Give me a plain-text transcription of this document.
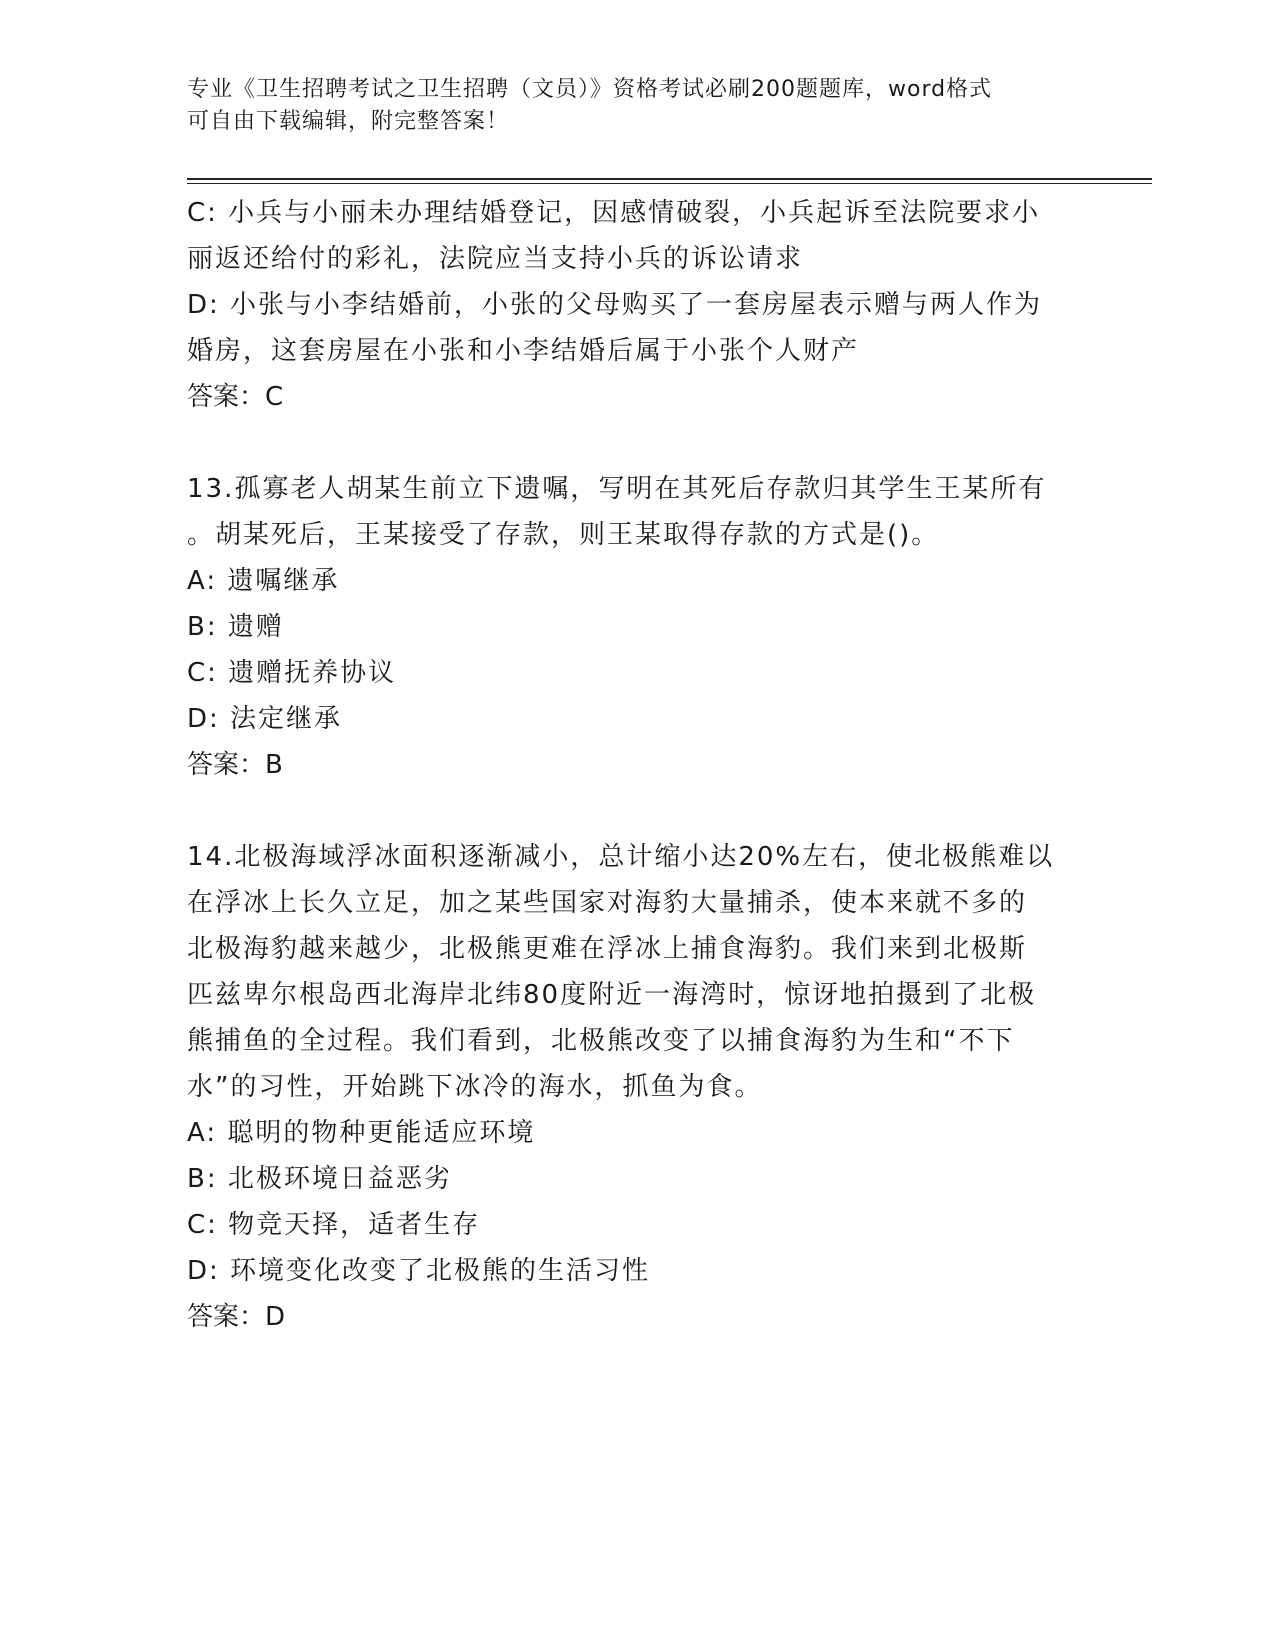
专业《卫生招聘考试之卫生招聘（文员）》资格考试必刷200题题库，word格式
可自由下载编辑，附完整答案！
C: 小兵与小丽未办理结婚登记，因感情破裂，小兵起诉至法院要求小
丽返还给付的彩礼，法院应当支持小兵的诉讼请求
D: 小张与小李结婚前，小张的父母购买了一套房屋表示赠与两人作为
婚房，这套房屋在小张和小李结婚后属于小张个人财产
答案：C
13.孤寡老人胡某生前立下遗嘱，写明在其死后存款归其学生王某所有
。胡某死后，王某接受了存款，则王某取得存款的方式是()。
A: 遗嘱继承
B: 遗赠
C: 遗赠抚养协议
D: 法定继承
答案：B
14.北极海域浮冰面积逐渐减小，总计缩小达20%左右，使北极熊难以
在浮冰上长久立足，加之某些国家对海豹大量捕杀，使本来就不多的
北极海豹越来越少，北极熊更难在浮冰上捕食海豹。我们来到北极斯
匹兹卑尔根岛西北海岸北纬80度附近一海湾时，惊讶地拍摄到了北极
熊捕鱼的全过程。我们看到，北极熊改变了以捕食海豹为生和“不下
水”的习性，开始跳下冰冷的海水，抓鱼为食。
A: 聪明的物种更能适应环境
B: 北极环境日益恶劣
C: 物竞天择，适者生存
D: 环境变化改变了北极熊的生活习性
答案：D
